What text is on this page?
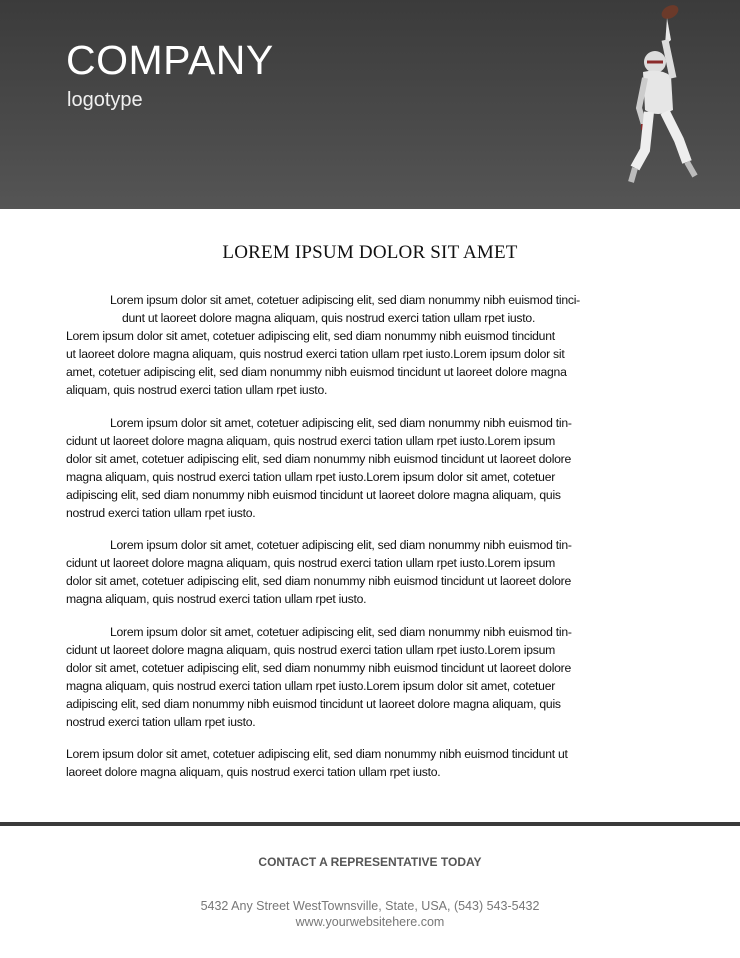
COMPANY
logotype
LOREM IPSUM DOLOR SIT AMET
Lorem ipsum dolor sit amet, cotetuer adipiscing elit, sed diam nonummy nibh euismod tinci-
dunt ut laoreet dolore magna aliquam, quis nostrud exerci tation ullam rpet iusto.
Lorem ipsum dolor sit amet, cotetuer adipiscing elit, sed diam nonummy nibh euismod tincidunt
ut laoreet dolore magna aliquam, quis nostrud exerci tation ullam rpet iusto.Lorem ipsum dolor sit
amet, cotetuer adipiscing elit, sed diam nonummy nibh euismod tincidunt ut laoreet dolore magna
aliquam, quis nostrud exerci tation ullam rpet iusto.
Lorem ipsum dolor sit amet, cotetuer adipiscing elit, sed diam nonummy nibh euismod tin-
cidunt ut laoreet dolore magna aliquam, quis nostrud exerci tation ullam rpet iusto.Lorem ipsum
dolor sit amet, cotetuer adipiscing elit, sed diam nonummy nibh euismod tincidunt ut laoreet dolore
magna aliquam, quis nostrud exerci tation ullam rpet iusto.Lorem ipsum dolor sit amet, cotetuer
adipiscing elit, sed diam nonummy nibh euismod tincidunt ut laoreet dolore magna aliquam, quis
nostrud exerci tation ullam rpet iusto.
Lorem ipsum dolor sit amet, cotetuer adipiscing elit, sed diam nonummy nibh euismod tin-
cidunt ut laoreet dolore magna aliquam, quis nostrud exerci tation ullam rpet iusto.Lorem ipsum
dolor sit amet, cotetuer adipiscing elit, sed diam nonummy nibh euismod tincidunt ut laoreet dolore
magna aliquam, quis nostrud exerci tation ullam rpet iusto.
Lorem ipsum dolor sit amet, cotetuer adipiscing elit, sed diam nonummy nibh euismod tin-
cidunt ut laoreet dolore magna aliquam, quis nostrud exerci tation ullam rpet iusto.Lorem ipsum
dolor sit amet, cotetuer adipiscing elit, sed diam nonummy nibh euismod tincidunt ut laoreet dolore
magna aliquam, quis nostrud exerci tation ullam rpet iusto.Lorem ipsum dolor sit amet, cotetuer
adipiscing elit, sed diam nonummy nibh euismod tincidunt ut laoreet dolore magna aliquam, quis
nostrud exerci tation ullam rpet iusto.
Lorem ipsum dolor sit amet, cotetuer adipiscing elit, sed diam nonummy nibh euismod tincidunt ut
laoreet dolore magna aliquam, quis nostrud exerci tation ullam rpet iusto.
CONTACT A REPRESENTATIVE TODAY
5432 Any Street WestTownsville, State, USA, (543) 543-5432
www.yourwebsitehere.com
